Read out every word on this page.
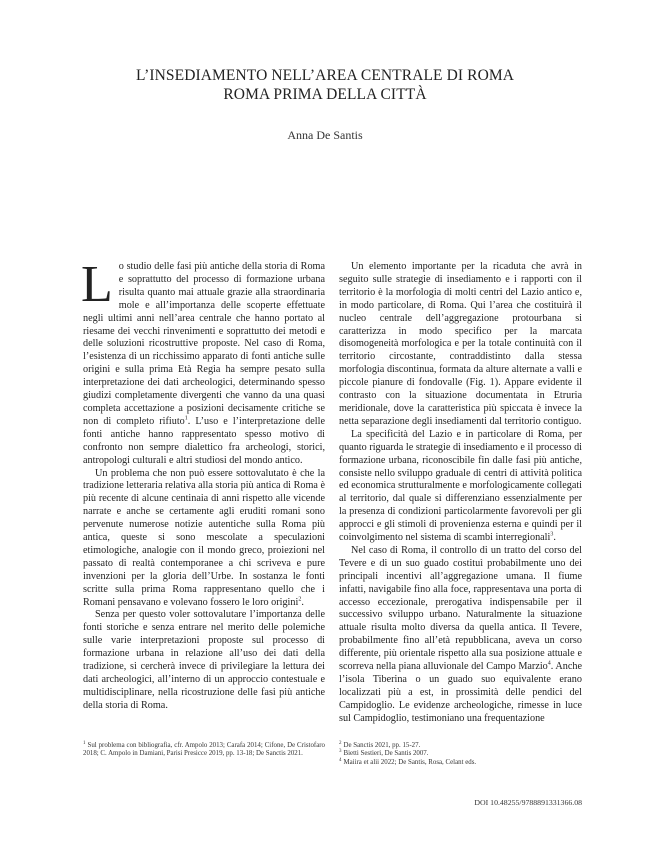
L’INSEDIAMENTO NELL’AREA CENTRALE DI ROMA
ROMA PRIMA DELLA CITTÀ
Anna De Santis

Lo studio delle fasi più antiche della storia di Roma e soprattutto del processo di formazione urbana risulta quanto mai attuale grazie alla straordinaria mole e all’importanza delle scoperte effettuate negli ultimi anni nell’area centrale che hanno portato al riesame dei vecchi rinvenimenti e soprattutto dei metodi e delle soluzioni ricostruttive proposte. Nel caso di Roma, l’esistenza di un ricchissimo apparato di fonti antiche sulle origini e sulla prima Età Regia ha sempre pesato sulla interpretazione dei dati archeologici, determinando spesso giudizi completamente divergenti che vanno da una quasi completa accettazione a posizioni decisamente critiche se non di completo rifiuto$^1$. L’uso e l’interpretazione delle fonti antiche hanno rappresentato spesso motivo di confronto non sempre dialettico fra archeologi, storici, antropologi culturali e altri studiosi del mondo antico.

Un problema che non può essere sottovalutato è che la tradizione letteraria relativa alla storia più antica di Roma è più recente di alcune centinaia di anni rispetto alle vicende narrate e anche se certamente agli eruditi romani sono pervenute numerose notizie autentiche sulla Roma più antica, queste si sono mescolate a speculazioni etimologiche, analogie con il mondo greco, proiezioni nel passato di realtà contemporanee a chi scriveva e pure invenzioni per la gloria dell’Urbe. In sostanza le fonti scritte sulla prima Roma rappresentano quello che i Romani pensavano e volevano fossero le loro origini$^2$.

Senza per questo voler sottovalutare l’importanza delle fonti storiche e senza entrare nel merito delle polemiche sulle varie interpretazioni proposte sul processo di formazione urbana in relazione all’uso dei dati della tradizione, si cercherà invece di privilegiare la lettura dei dati archeologici, all’interno di un approccio contestuale e multidisciplinare, nella ricostruzione delle fasi più antiche della storia di Roma.

Un elemento importante per la ricaduta che avrà in seguito sulle strategie di insediamento e i rapporti con il territorio è la morfologia di molti centri del Lazio antico e, in modo particolare, di Roma. Qui l’area che costituirà il nucleo centrale dell’aggregazione protourbana si caratterizza in modo specifico per la marcata disomogeneità morfologica e per la totale continuità con il territorio circostante, contraddistinto dalla stessa morfologia discontinua, formata da alture alternate a valli e piccole pianure di fondovalle (Fig. 1). Appare evidente il contrasto con la situazione documentata in Etruria meridionale, dove la caratteristica più spiccata è invece la netta separazione degli insediamenti dal territorio contiguo.

La specificità del Lazio e in particolare di Roma, per quanto riguarda le strategie di insediamento e il processo di formazione urbana, riconoscibile fin dalle fasi più antiche, consiste nello sviluppo graduale di centri di attività politica ed economica strutturalmente e morfologicamente collegati al territorio, dal quale si differenziano essenzialmente per la presenza di condizioni particolarmente favorevoli per gli approcci e gli stimoli di provenienza esterna e quindi per il coinvolgimento nel sistema di scambi interregionali$^3$.

Nel caso di Roma, il controllo di un tratto del corso del Tevere e di un suo guado costituì probabilmente uno dei principali incentivi all’aggregazione umana. Il fiume infatti, navigabile fino alla foce, rappresentava una porta di accesso eccezionale, prerogativa indispensabile per il successivo sviluppo urbano. Naturalmente la situazione attuale risulta molto diversa da quella antica. Il Tevere, probabilmente fino all’età repubblicana, aveva un corso differente, più orientale rispetto alla sua posizione attuale e scorreva nella piana alluvionale del Campo Marzio$^4$. Anche l’isola Tiberina o un guado suo equivalente erano localizzati più a est, in prossimità delle pendici del Campidoglio. Le evidenze archeologiche, rimesse in luce sul Campidoglio, testimoniano una frequentazione

$^1$ Sul problema con bibliografia, cfr. Ampolo 2013; Carafa 2014; Cifone, De Cristofaro 2018; C. Ampolo in Damiani, Parisi Presicce 2019, pp. 13-18; De Sanctis 2021.

$^2$ De Sanctis 2021, pp. 15-27.

$^3$ Bietti Sestieri, De Santis 2007.

$^4$ Maiira et alii 2022; De Santis, Rosa, Celant eds.

DOI 10.48255/9788891331366.08
